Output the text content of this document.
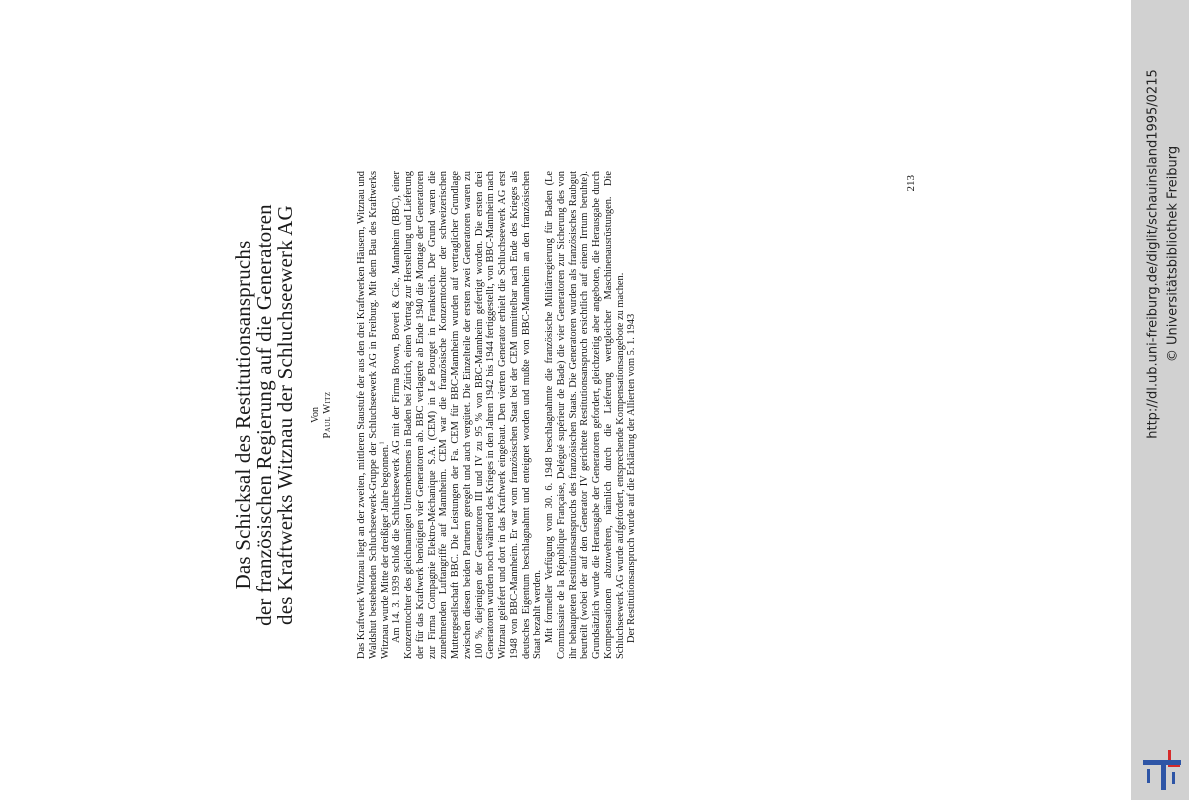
Das Schicksal des Restitutionsanspruchs
der französischen Regierung auf die Generatoren
des Kraftwerks Witznau der Schluchseewerk AG Von Paul Witz Das Kraftwerk Witznau liegt an der zweiten, mittleren Staustufe der aus den drei Kraftwerken Häusern, Witznau und Waldshut bestehenden Schluchseewerk-Gruppe der Schluchseewerk AG in Freiburg. Mit dem Bau des Kraftwerks Witznau wurde Mitte der dreißiger Jahre begonnen.$^1$ Am 14. 3. 1939 schloß die Schluchseewerk AG mit der Firma Brown, Boveri & Cie., Mannheim (BBC), einer Konzerntochter des gleichnamigen Unternehmens in Baden bei Zürich, einen Vertrag zur Herstellung und Lieferung der für das Kraftwerk benötigten vier Generatoren ab. BBC verlagerte ab Ende 1940 die Montage der Generatoren zur Firma Compagnie Elektro-Méchanique S.A. (CEM) in Le Bourget in Frankreich. Der Grund waren die zunehmenden Luftangriffe auf Mannheim. CEM war die französische Konzerntochter der schweizerischen Muttergesellschaft BBC. Die Leistungen der Fa. CEM für BBC-Mannheim wurden auf vertraglicher Grundlage zwischen diesen beiden Partnern geregelt und auch vergütet. Die Einzelteile der ersten zwei Generatoren waren zu 100 %, diejenigen der Generatoren III und IV zu 95 % von BBC-Mannheim gefertigt worden. Die ersten drei Generatoren wurden noch während des Krieges in den Jahren 1942 bis 1944 fertiggestellt, von BBC-Mannheim nach Witznau geliefert und dort in das Kraftwerk eingebaut. Den vierten Generator erhielt die Schluchseewerk AG erst 1948 von BBC-Mannheim. Er war vom französischen Staat bei der CEM unmittelbar nach Ende des Krieges als deutsches Eigentum beschlagnahmt und enteignet worden und mußte von BBC-Mannheim an den französischen Staat bezahlt werden. Mit formeller Verfügung vom 30. 6. 1948 beschlagnahmte die französische Militärregierung für Baden (Le Commissaire de la République Française, Delégué supérieur de Bade) die vier Generatoren zur Sicherung des von ihr behaupteten Restitutionsanspruchs des französischen Staats. Die Generatoren wurden als französisches Raubgut beurteilt (wobei der auf den Generator IV gerichtete Restitutionsanspruch ersichtlich auf einem Irrtum beruhte). Grundsätzlich wurde die Herausgabe der Generatoren gefordert, gleichzeitig aber angeboten, die Herausgabe durch Kompensationen abzuwehren, nämlich durch die Lieferung wertgleicher Maschinenausrüstungen. Die Schluchseewerk AG wurde aufgefordert, entsprechende Kompensationsangebote zu machen. Der Restitutionsanspruch wurde auf die Erklärung der Allierten vom 5. 1. 1943

213	http://dl.ub.uni-freiburg.de/diglit/schauinsland1995/0215 © Universitätsbibliothek Freiburg
